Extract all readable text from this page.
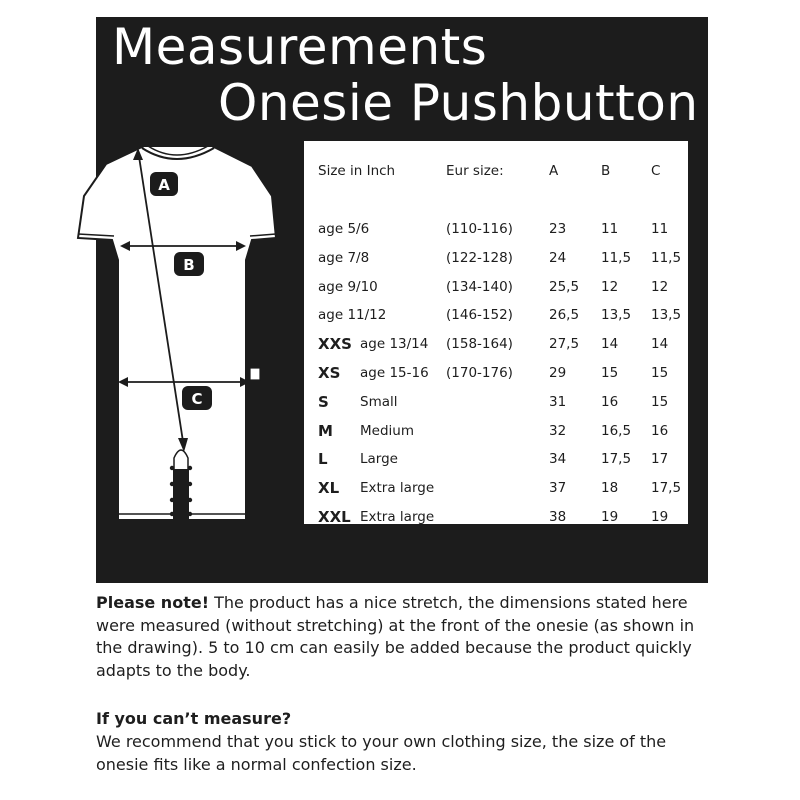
Measurements
Onesie Pushbutton
A
B
C
Size in Inch	Eur size:	A	B	C
age 5/6	(110-116)	23	11 11
age 7/8	(122-128)	24	11,5 11,5
age 9/10	(134-140)	25,5 12 12
age 11/12	(146-152)	26,5 13,5 13,5
XXS age 13/14 (158-164)	27,5 14 14
XS age 15-16 (170-176)	29	15 15
S Small	31	16 15
M Medium	32	16,5 16
L Large	34	17,5 17
XL Extra large	37	18 17,5
XXL Extra large	38	19 19
Please note! The product has a nice stretch, the dimensions stated here were measured (without stretching) at the front of the onesie (as shown in the drawing). 5 to 10 cm can easily be added because the product quickly adapts to the body.
If you can’t measure?
We recommend that you stick to your own clothing size, the size of the onesie fits like a normal confection size.
